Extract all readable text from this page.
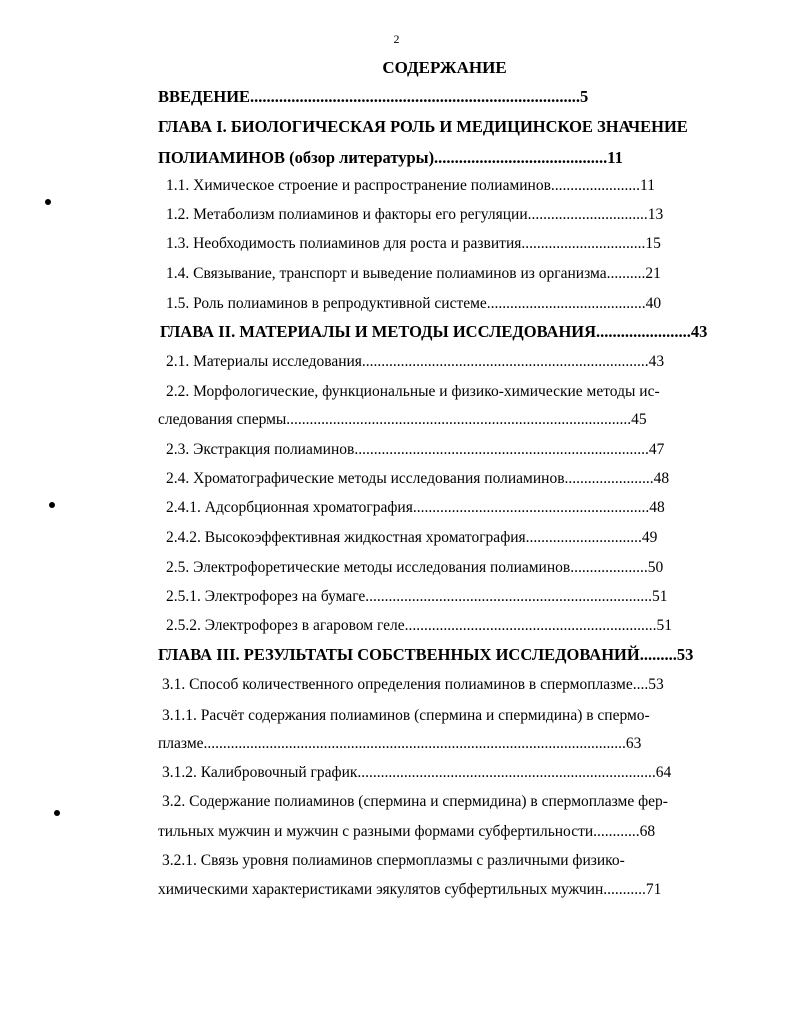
2
СОДЕРЖАНИЕ
ВВЕДЕНИЕ................................................................................5
ГЛАВА I. БИОЛОГИЧЕСКАЯ РОЛЬ И МЕДИЦИНСКОЕ ЗНАЧЕНИЕ
ПОЛИАМИНОВ (обзор литературы)..........................................11
1.1. Химическое строение и распространение полиаминов.......................11
1.2. Метаболизм полиаминов и факторы его регуляции...............................13
1.3. Необходимость полиаминов для роста и развития................................15
1.4. Связывание, транспорт и выведение полиаминов из организма..........21
1.5. Роль полиаминов в репродуктивной системе.........................................40
ГЛАВА II. МАТЕРИАЛЫ И МЕТОДЫ ИССЛЕДОВАНИЯ.......................43
2.1. Материалы исследования..........................................................................43
2.2. Морфологические, функциональные и физико-химические методы ис-
следования спермы.........................................................................................45
2.3. Экстракция полиаминов............................................................................47
2.4. Хроматографические методы исследования полиаминов.......................48
2.4.1. Адсорбционная хроматография.............................................................48
2.4.2. Высокоэффективная жидкостная хроматография..............................49
2.5. Электрофоретические методы исследования полиаминов....................50
2.5.1. Электрофорез на бумаге..........................................................................51
2.5.2. Электрофорез в агаровом геле.................................................................51
ГЛАВА III. РЕЗУЛЬТАТЫ СОБСТВЕННЫХ ИССЛЕДОВАНИЙ.........53
3.1. Способ количественного определения полиаминов в спермоплазме....53
3.1.1. Расчёт содержания полиаминов (спермина и спермидина) в спермо-
плазме.............................................................................................................63
3.1.2. Калибровочный график.............................................................................64
3.2. Содержание полиаминов (спермина и спермидина) в спермоплазме фер-
тильных мужчин и мужчин с разными формами субфертильности............68
3.2.1. Связь уровня полиаминов спермоплазмы с различными физико-
химическими характеристиками эякулятов субфертильных мужчин...........71
